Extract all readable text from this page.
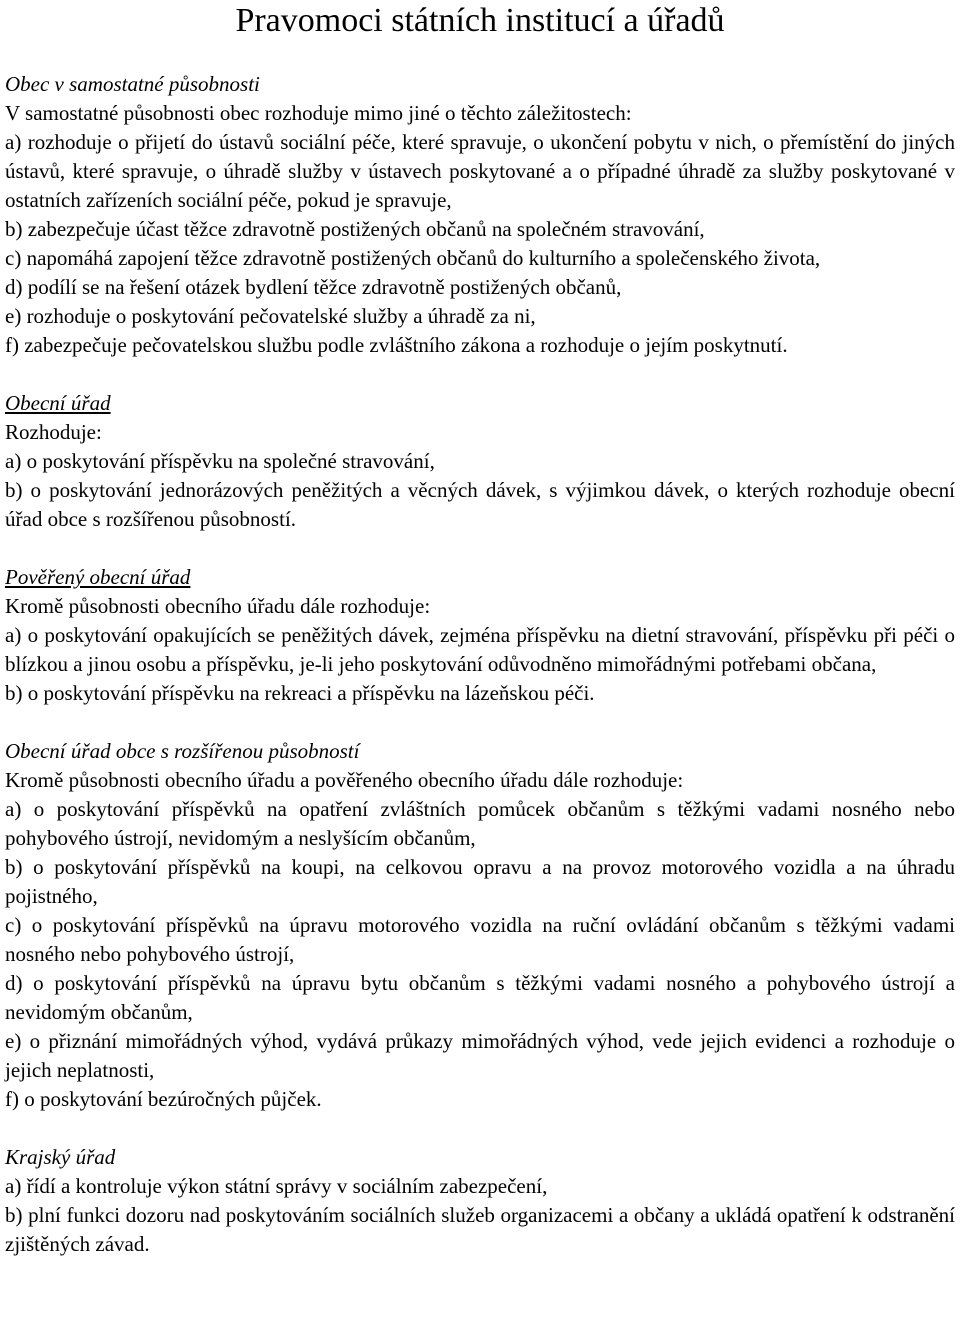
Pravomoci státních institucí a úřadů

Obec v samostatné působnosti

V samostatné působnosti obec rozhoduje mimo jiné o těchto záležitostech:

a) rozhoduje o přijetí do ústavů sociální péče, které spravuje, o ukončení pobytu v nich, o přemístění do jiných ústavů, které spravuje, o úhradě služby v ústavech poskytované a o případné úhradě za služby poskytované v ostatních zařízeních sociální péče, pokud je spravuje,

b) zabezpečuje účast těžce zdravotně postižených občanů na společném stravování,

c) napomáhá zapojení těžce zdravotně postižených občanů do kulturního a společenského života,

d) podílí se na řešení otázek bydlení těžce zdravotně postižených občanů,

e) rozhoduje o poskytování pečovatelské služby a úhradě za ni,

f) zabezpečuje pečovatelskou službu podle zvláštního zákona a rozhoduje o jejím poskytnutí.

Obecní úřad

Rozhoduje:

a) o poskytování příspěvku na společné stravování,

b) o poskytování jednorázových peněžitých a věcných dávek, s výjimkou dávek, o kterých rozhoduje obecní úřad obce s rozšířenou působností.

Pověřený obecní úřad

Kromě působnosti obecního úřadu dále rozhoduje:

a) o poskytování opakujících se peněžitých dávek, zejména příspěvku na dietní stravování, příspěvku při péči o blízkou a jinou osobu a příspěvku, je-li jeho poskytování odůvodněno mimořádnými potřebami občana,

b) o poskytování příspěvku na rekreaci a příspěvku na lázeňskou péči.

Obecní úřad obce s rozšířenou působností

Kromě působnosti obecního úřadu a pověřeného obecního úřadu dále rozhoduje:

a) o poskytování příspěvků na opatření zvláštních pomůcek občanům s těžkými vadami nosného nebo pohybového ústrojí, nevidomým a neslyšícím občanům,

b) o poskytování příspěvků na koupi, na celkovou opravu a na provoz motorového vozidla a na úhradu pojistného,

c) o poskytování příspěvků na úpravu motorového vozidla na ruční ovládání občanům s těžkými vadami nosného nebo pohybového ústrojí,

d) o poskytování příspěvků na úpravu bytu občanům s těžkými vadami nosného a pohybového ústrojí a nevidomým občanům,

e) o přiznání mimořádných výhod, vydává průkazy mimořádných výhod, vede jejich evidenci a rozhoduje o jejich neplatnosti,

f) o poskytování bezúročných půjček.

Krajský úřad

a) řídí a kontroluje výkon státní správy v sociálním zabezpečení,

b) plní funkci dozoru nad poskytováním sociálních služeb organizacemi a občany a ukládá opatření k odstranění zjištěných závad.
